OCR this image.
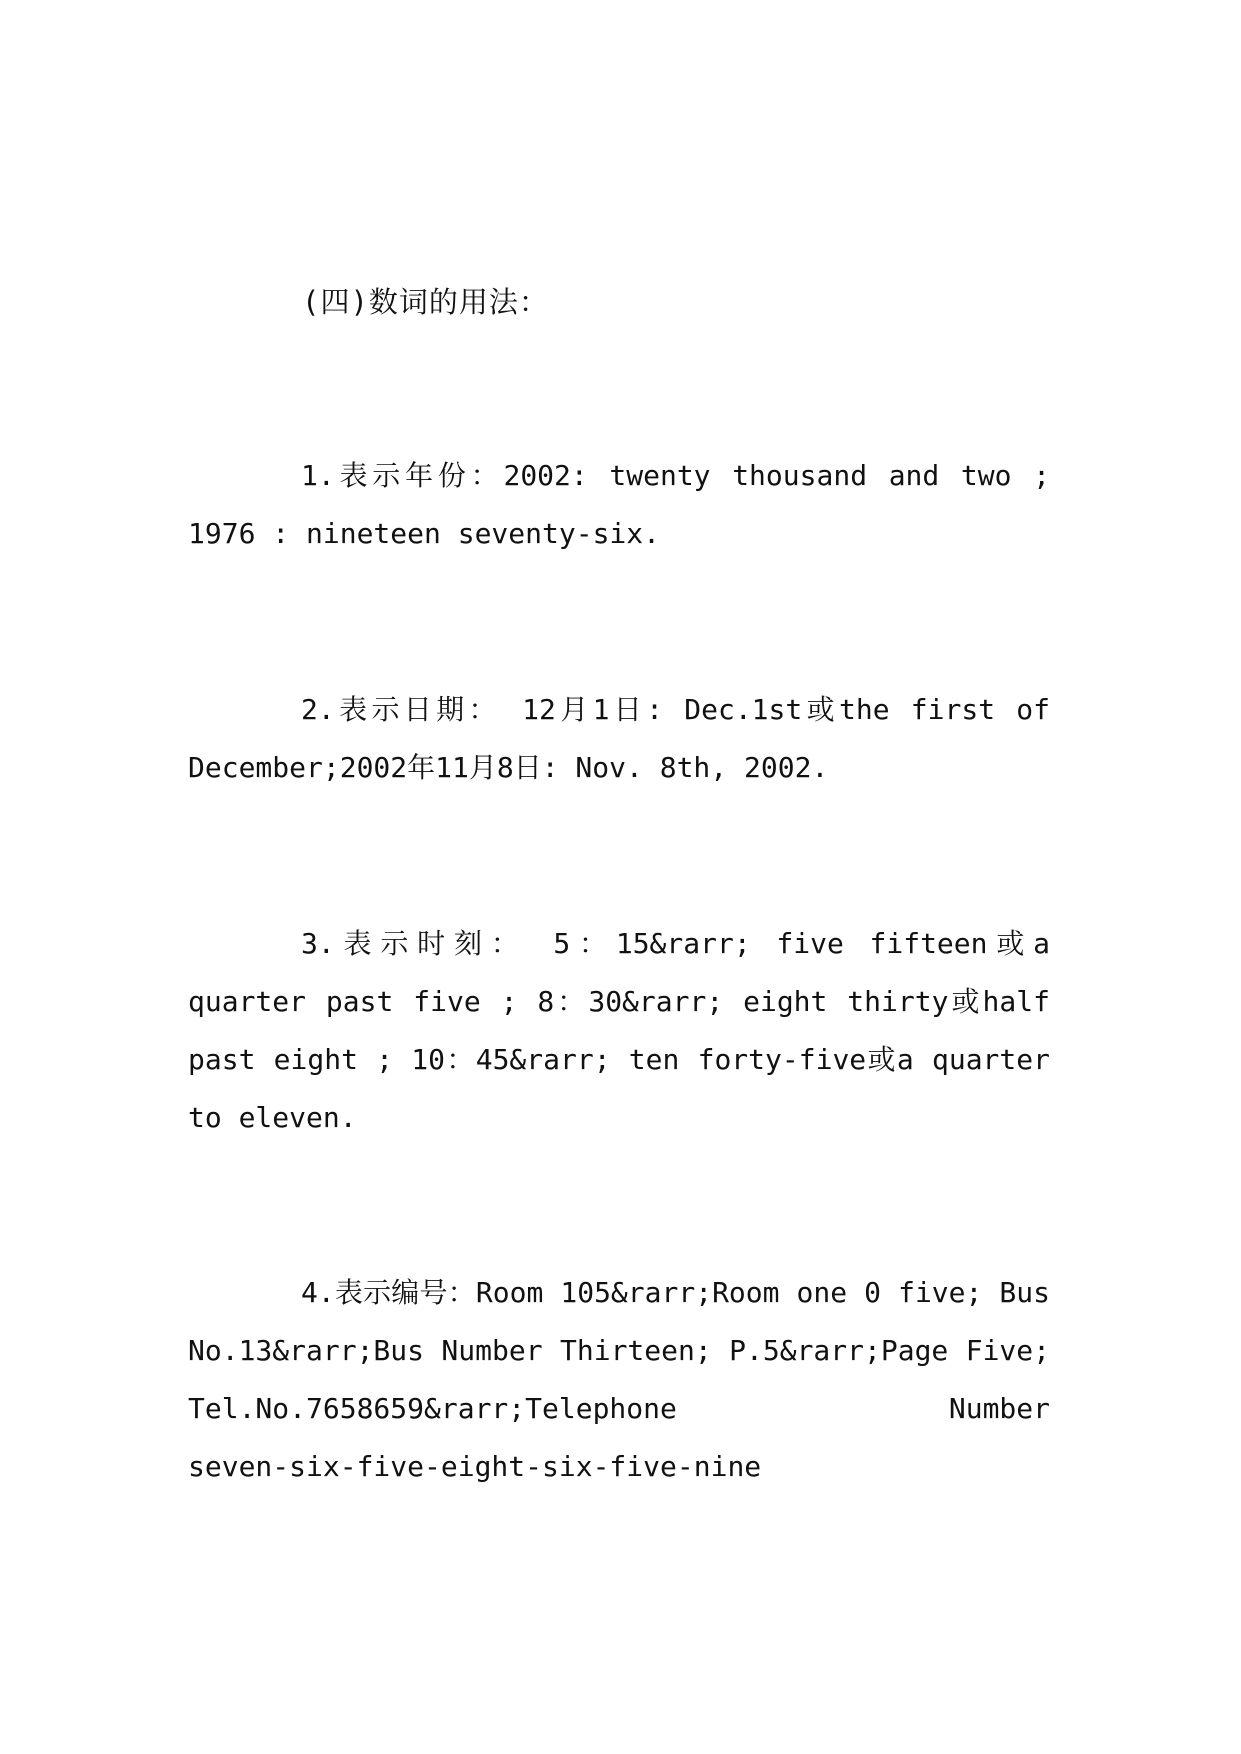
(四)数词的用法：
1.表示年份：2002: twenty thousand and two ;
1976 : nineteen seventy-six.
2.表示日期： 12月1日: Dec.1st或the first of
December;2002年11月8日: Nov. 8th, 2002.
3.表示时刻： 5：15&rarr; five fifteen或a
quarter past five ; 8：30&rarr; eight thirty或half
past eight ; 10：45&rarr; ten forty-five或a quarter
to eleven.
4.表示编号：Room 105&rarr;Room one 0 five; Bus
No.13&rarr;Bus Number Thirteen; P.5&rarr;Page Five;
Tel.No.7658659&rarr;Telephone Number
seven-six-five-eight-six-five-nine
